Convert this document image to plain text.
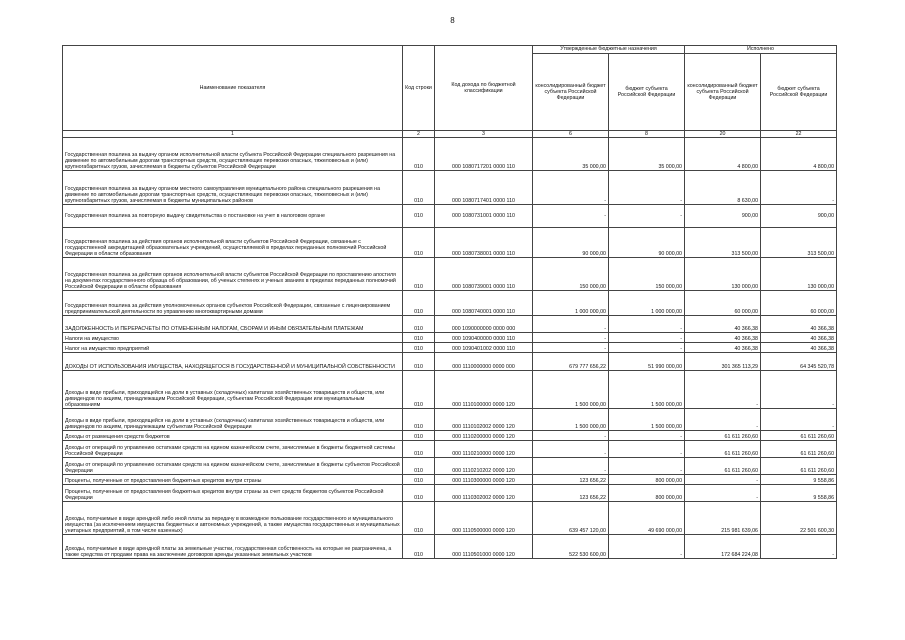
8
Наименование показателя	Код строки	Код дохода по бюджетной классификации	Утвержденные бюджетные назначения		Исполнено	
			консолидированный бюджет субъекта Российской Федерации	бюджет субъекта Российской Федерации	консолидированный бюджет субъекта Российской Федерации	бюджет субъекта Российской Федерации
1	2	3	6	8	20	22
Государственная пошлина за выдачу органом исполнительной власти субъекта Российской Федерации специального разрешения на движение по автомобильным дорогам транспортных средств, осуществляющих перевозки опасных, тяжеловесных и (или) крупногабаритных грузов, зачисляемая в бюджеты субъектов Российской Федерации	010	000 1080717201 0000 110	35 000,00	35 000,00	4 800,00	4 800,00
Государственная пошлина за выдачу органом местного самоуправления муниципального района специального разрешения на движение по автомобильным дорогам транспортных средств, осуществляющих перевозки опасных, тяжеловесных и (или) крупногабаритных грузов, зачисляемая в бюджеты муниципальных районов	010	000 1080717401 0000 110	-	-	8 630,00	-
Государственная пошлина за повторную выдачу свидетельства о постановке на учет в налоговом органе	010	000 1080731001 0000 110	-	-	900,00	900,00
Государственная пошлина за действия органов исполнительной власти субъектов Российской Федерации, связанные с государственной аккредитацией образовательных учреждений, осуществляемой в пределах переданных полномочий Российской Федерации в области образования	010	000 1080738001 0000 110	90 000,00	90 000,00	313 500,00	313 500,00
Государственная пошлина за действия органов исполнительной власти субъектов Российской Федерации по проставлению апостиля на документах государственного образца об образовании, об ученых степенях и ученых званиях в пределах переданных полномочий Российской Федерации в области образования	010	000 1080739001 0000 110	150 000,00	150 000,00	130 000,00	130 000,00
Государственная пошлина за действия уполномоченных органов субъектов Российской Федерации, связанные с лицензированием предпринимательской деятельности по управлению многоквартирными домами	010	000 1080740001 0000 110	1 000 000,00	1 000 000,00	60 000,00	60 000,00
ЗАДОЛЖЕННОСТЬ И ПЕРЕРАСЧЕТЫ ПО ОТМЕНЕННЫМ НАЛОГАМ, СБОРАМ И ИНЫМ ОБЯЗАТЕЛЬНЫМ ПЛАТЕЖАМ	010	000 1090000000 0000 000	-	-	40 366,38	40 366,38
Налоги на имущество	010	000 1090400000 0000 110	-	-	40 366,38	40 366,38
Налог на имущество предприятий	010	000 1090401002 0000 110	-	-	40 366,38	40 366,38
ДОХОДЫ ОТ ИСПОЛЬЗОВАНИЯ ИМУЩЕСТВА, НАХОДЯЩЕГОСЯ В ГОСУДАРСТВЕННОЙ И МУНИЦИПАЛЬНОЙ СОБСТВЕННОСТИ	010	000 1110000000 0000 000	679 777 656,22	51 990 000,00	301 365 113,29	64 345 520,78
Доходы в виде прибыли, приходящейся на доли в уставных (складочных) капиталах хозяйственных товариществ и обществ, или дивидендов по акциям, принадлежащим Российской Федерации, субъектам Российской Федерации или муниципальным образованиям	010	000 1110100000 0000 120	1 500 000,00	1 500 000,00	-	-
Доходы в виде прибыли, приходящейся на доли в уставных (складочных) капиталах хозяйственных товариществ и обществ, или дивидендов по акциям, принадлежащим субъектам Российской Федерации	010	000 1110102002 0000 120	1 500 000,00	1 500 000,00	-	-
Доходы от размещения средств бюджетов	010	000 1110200000 0000 120	-	-	61 611 260,60	61 611 260,60
Доходы от операций по управлению остатками средств на едином казначейском счете, зачисляемые в бюджеты бюджетной системы Российской Федерации	010	000 1110210000 0000 120	-	-	61 611 260,60	61 611 260,60
Доходы от операций по управлению остатками средств на едином казначейском счете, зачисляемые в бюджеты субъектов Российской Федерации	010	000 1110210202 0000 120	-	-	61 611 260,60	61 611 260,60
Проценты, полученные от предоставления бюджетных кредитов внутри страны	010	000 1110300000 0000 120	123 656,22	800 000,00	-	9 558,86
Проценты, полученные от предоставления бюджетных кредитов внутри страны за счет средств бюджетов субъектов Российской Федерации	010	000 1110302002 0000 120	123 656,22	800 000,00	-	9 558,86
Доходы, получаемые в виде арендной либо иной платы за передачу в возмездное пользование государственного и муниципального имущества (за исключением имущества бюджетных и автономных учреждений, а также имущества государственных и муниципальных унитарных предприятий, в том числе казенных)	010	000 1110500000 0000 120	639 457 120,00	49 690 000,00	215 981 639,06	22 501 600,30
Доходы, получаемые в виде арендной платы за земельные участки, государственная собственность на которые не разграничена, а также средства от продажи права на заключение договоров аренды указанных земельных участков	010	000 1110501000 0000 120	522 530 600,00	-	172 684 224,08	-
